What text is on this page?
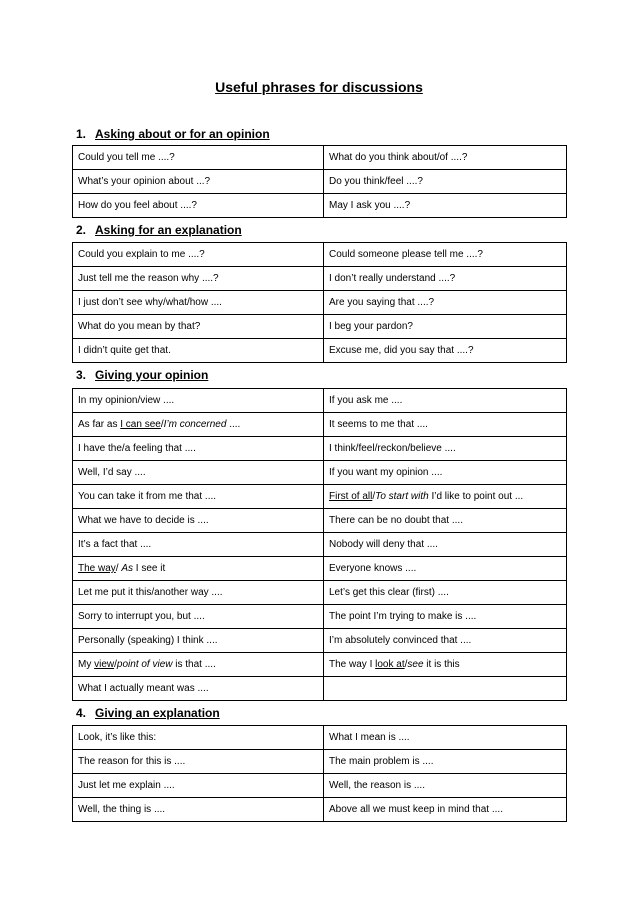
Useful phrases for discussions
1. Asking about or for an opinion
Could you tell me ....?	What do you think about/of ....?
What’s your opinion about ...?	Do you think/feel ....?
How do you feel about ....?	May I ask you ....?
2. Asking for an explanation
Could you explain to me ....?	Could someone please tell me ....?
Just tell me the reason why ....?	I don’t really understand ....?
I just don’t see why/what/how ....	Are you saying that ....?
What do you mean by that?	I beg your pardon?
I didn’t quite get that.	Excuse me, did you say that ....?
3. Giving your opinion
In my opinion/view ....	If you ask me ....
As far as I can see/I’m concerned ....	It seems to me that ....
I have the/a feeling that ....	I think/feel/reckon/believe ....
Well, I’d say ....	If you want my opinion ....
You can take it from me that ....	First of all/To start with I’d like to point out ...
What we have to decide is ....	There can be no doubt that ....
It’s a fact that ....	Nobody will deny that ....
The way/ As I see it	Everyone knows ....
Let me put it this/another way ....	Let’s get this clear (first) ....
Sorry to interrupt you, but ....	The point I’m trying to make is ....
Personally (speaking) I think ....	I’m absolutely convinced that ....
My view/point of view is that ....	The way I look at/see it is this
What I actually meant was ....	
4. Giving an explanation
Look, it’s like this:	What I mean is ....
The reason for this is ....	The main problem is ....
Just let me explain ....	Well, the reason is ....
Well, the thing is ....	Above all we must keep in mind that ....
